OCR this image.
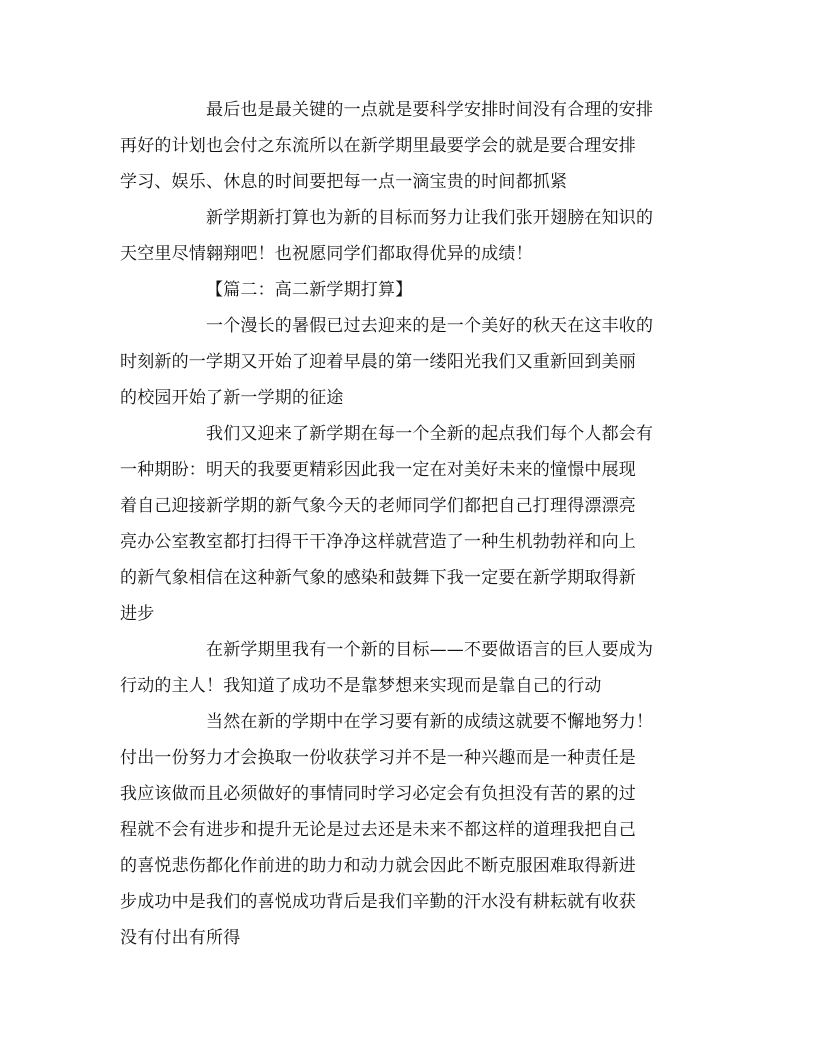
最后也是最关键的一点就是要科学安排时间没有合理的安排
再好的计划也会付之东流所以在新学期里最要学会的就是要合理安排
学习、娱乐、休息的时间要把每一点一滴宝贵的时间都抓紧
新学期新打算也为新的目标而努力让我们张开翅膀在知识的
天空里尽情翱翔吧！也祝愿同学们都取得优异的成绩！
【篇二：高二新学期打算】
一个漫长的暑假已过去迎来的是一个美好的秋天在这丰收的
时刻新的一学期又开始了迎着早晨的第一缕阳光我们又重新回到美丽
的校园开始了新一学期的征途
我们又迎来了新学期在每一个全新的起点我们每个人都会有
一种期盼：明天的我要更精彩因此我一定在对美好未来的憧憬中展现
着自己迎接新学期的新气象今天的老师同学们都把自己打理得漂漂亮
亮办公室教室都打扫得干干净净这样就营造了一种生机勃勃祥和向上
的新气象相信在这种新气象的感染和鼓舞下我一定要在新学期取得新
进步
在新学期里我有一个新的目标——不要做语言的巨人要成为
行动的主人！我知道了成功不是靠梦想来实现而是靠自己的行动
当然在新的学期中在学习要有新的成绩这就要不懈地努力！
付出一份努力才会换取一份收获学习并不是一种兴趣而是一种责任是
我应该做而且必须做好的事情同时学习必定会有负担没有苦的累的过
程就不会有进步和提升无论是过去还是未来不都这样的道理我把自己
的喜悦悲伤都化作前进的助力和动力就会因此不断克服困难取得新进
步成功中是我们的喜悦成功背后是我们辛勤的汗水没有耕耘就有收获
没有付出有所得
